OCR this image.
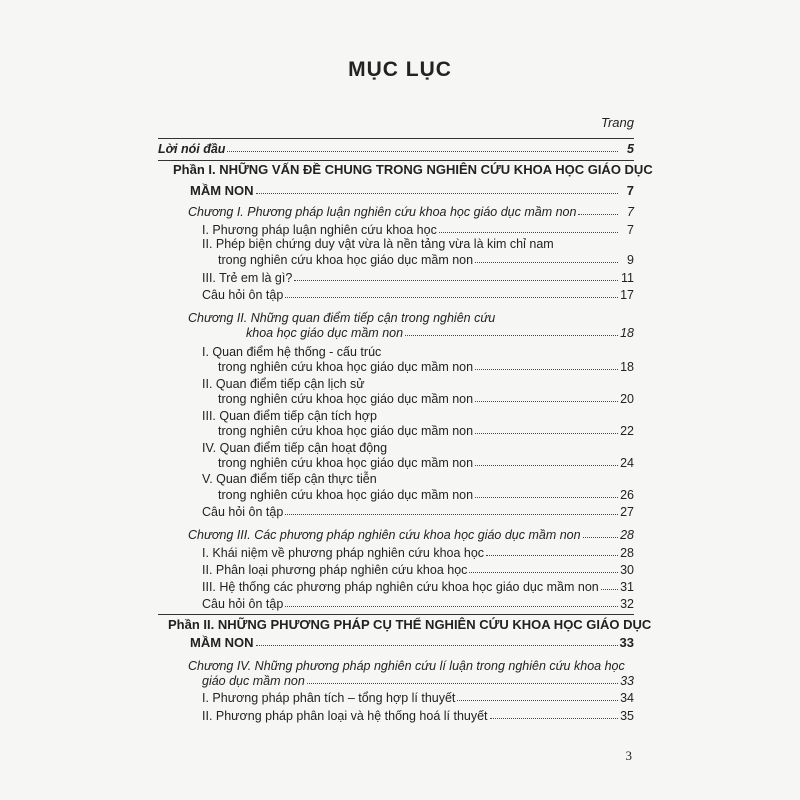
MỤC LỤC
Trang
Lời nói đầu	5
Phần I. NHỮNG VẤN ĐỀ CHUNG TRONG NGHIÊN CỨU KHOA HỌC GIÁO DỤC
MẦM NON	7
Chương I. Phương pháp luận nghiên cứu khoa học giáo dục mầm non	7
I. Phương pháp luận nghiên cứu khoa học	7
II. Phép biện chứng duy vật vừa là nền tảng vừa là kim chỉ nam
trong nghiên cứu khoa học giáo dục mầm non	9
III. Trẻ em là gì?	11
Câu hỏi ôn tập	17
Chương II. Những quan điểm tiếp cận trong nghiên cứu
khoa học giáo dục mầm non	18
I. Quan điểm hệ thống - cấu trúc
trong nghiên cứu khoa học giáo dục mầm non	18
II. Quan điểm tiếp cận lịch sử
trong nghiên cứu khoa học giáo dục mầm non	20
III. Quan điểm tiếp cận tích hợp
trong nghiên cứu khoa học giáo dục mầm non	22
IV. Quan điểm tiếp cận hoạt động
trong nghiên cứu khoa học giáo dục mầm non	24
V. Quan điểm tiếp cận thực tiễn
trong nghiên cứu khoa học giáo dục mầm non	26
Câu hỏi ôn tập	27
Chương III. Các phương pháp nghiên cứu khoa học giáo dục mầm non	28
I. Khái niệm về phương pháp nghiên cứu khoa học	28
II. Phân loại phương pháp nghiên cứu khoa học	30
III. Hệ thống các phương pháp nghiên cứu khoa học giáo dục mầm non 31
Câu hỏi ôn tập	32
Phần II. NHỮNG PHƯƠNG PHÁP CỤ THỂ NGHIÊN CỨU KHOA HỌC GIÁO DỤC
MẦM NON	33
Chương IV. Những phương pháp nghiên cứu lí luận trong nghiên cứu khoa học
giáo dục mầm non	33
I. Phương pháp phân tích – tổng hợp lí thuyết	34
II. Phương pháp phân loại và hệ thống hoá lí thuyết	35
3
